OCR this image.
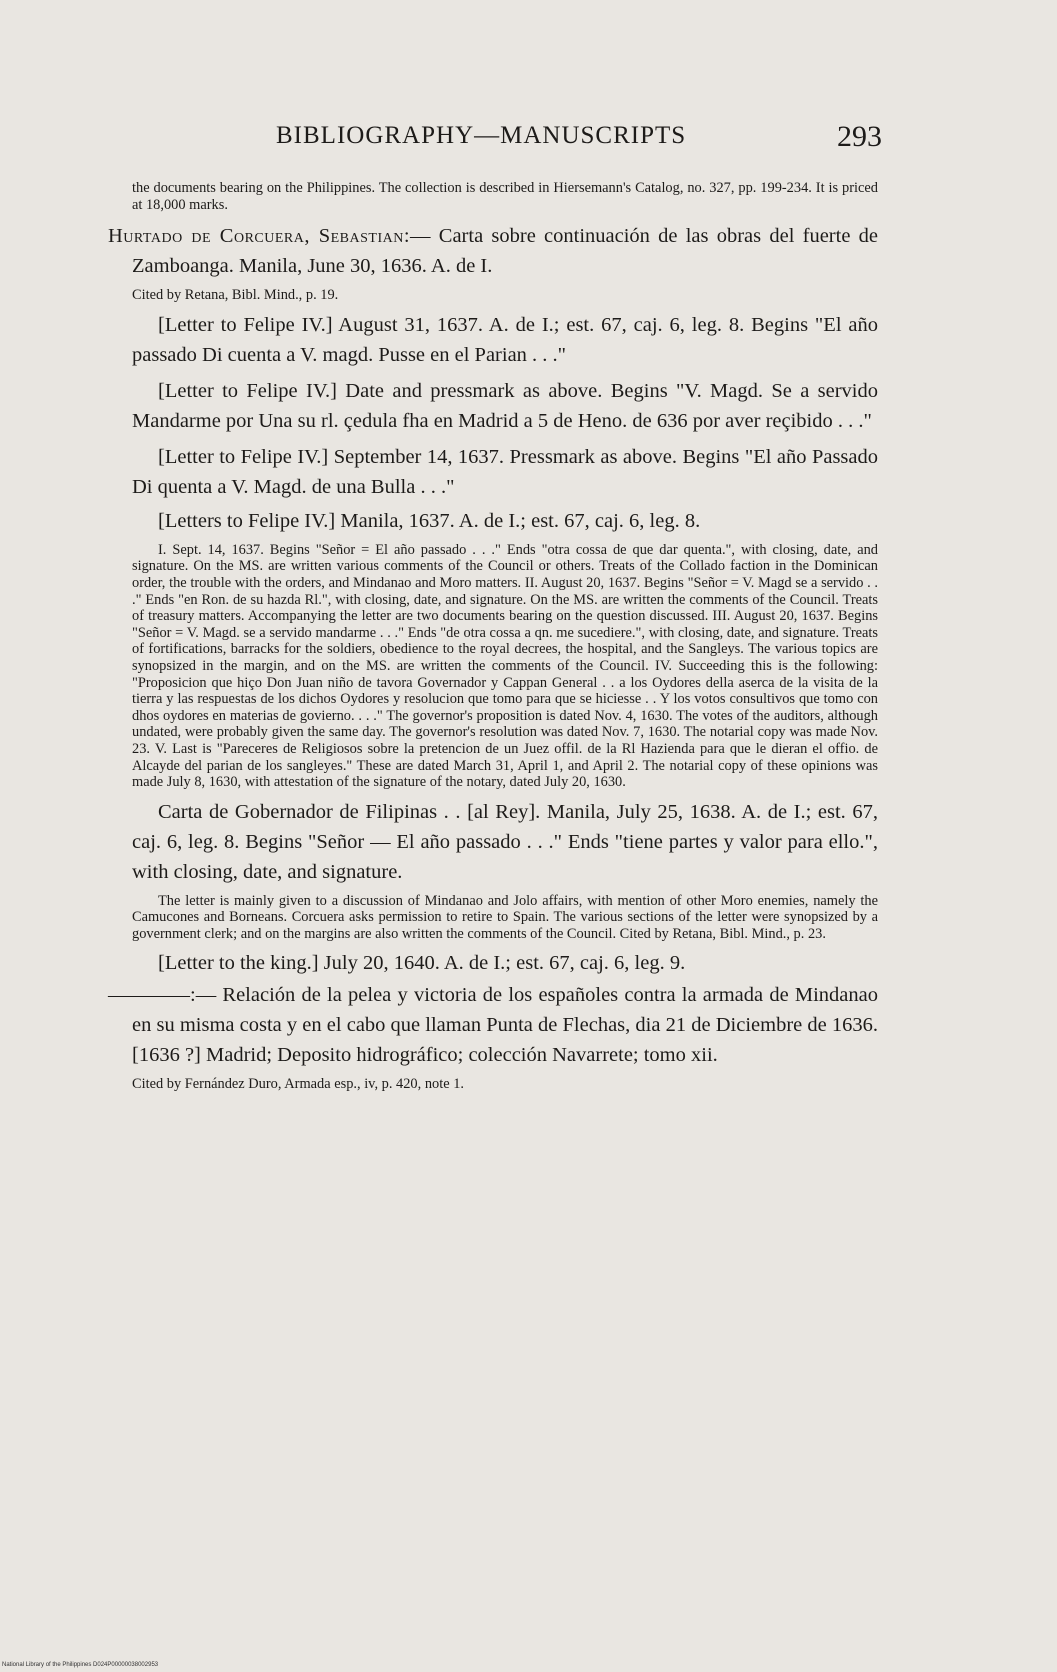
BIBLIOGRAPHY—MANUSCRIPTS	293

the documents bearing on the Philippines. The collection is described in Hiersemann's Catalog, no. 327, pp. 199-234. It is priced at 18,000 marks.

Hurtado de Corcuera, Sebastian:— Carta sobre continuación de las obras del fuerte de Zamboanga. Manila, June 30, 1636. A. de I.

Cited by Retana, Bibl. Mind., p. 19.

[Letter to Felipe IV.] August 31, 1637. A. de I.; est. 67, caj. 6, leg. 8. Begins "El año passado Di cuenta a V. magd. Pusse en el Parian . . ."

[Letter to Felipe IV.] Date and pressmark as above. Begins "V. Magd. Se a servido Mandarme por Una su rl. çedula fha en Madrid a 5 de Heno. de 636 por aver reçibido . . ."

[Letter to Felipe IV.] September 14, 1637. Pressmark as above. Begins "El año Passado Di quenta a V. Magd. de una Bulla . . ."

[Letters to Felipe IV.] Manila, 1637. A. de I.; est. 67, caj. 6, leg. 8.

I. Sept. 14, 1637. Begins "Señor = El año passado . . ." Ends "otra cossa de que dar quenta.", with closing, date, and signature. On the MS. are written various comments of the Council or others. Treats of the Collado faction in the Dominican order, the trouble with the orders, and Mindanao and Moro matters. II. August 20, 1637. Begins "Señor = V. Magd se a servido . . ." Ends "en Ron. de su hazda Rl.", with closing, date, and signature. On the MS. are written the comments of the Council. Treats of treasury matters. Accompanying the letter are two documents bearing on the question discussed. III. August 20, 1637. Begins "Señor = V. Magd. se a servido mandarme . . ." Ends "de otra cossa a qn. me sucediere.", with closing, date, and signature. Treats of fortifications, barracks for the soldiers, obedience to the royal decrees, the hospital, and the Sangleys. The various topics are synopsized in the margin, and on the MS. are written the comments of the Council. IV. Succeeding this is the following: "Proposicion que hiço Don Juan niño de tavora Governador y Cappan General . . a los Oydores della aserca de la visita de la tierra y las respuestas de los dichos Oydores y resolucion que tomo para que se hiciesse . . Y los votos consultivos que tomo con dhos oydores en materias de govierno. . . ." The governor's proposition is dated Nov. 4, 1630. The votes of the auditors, although undated, were probably given the same day. The governor's resolution was dated Nov. 7, 1630. The notarial copy was made Nov. 23. V. Last is "Pareceres de Religiosos sobre la pretencion de un Juez offil. de la Rl Hazienda para que le dieran el offio. de Alcayde del parian de los sangleyes." These are dated March 31, April 1, and April 2. The notarial copy of these opinions was made July 8, 1630, with attestation of the signature of the notary, dated July 20, 1630.

Carta de Gobernador de Filipinas . . [al Rey]. Manila, July 25, 1638. A. de I.; est. 67, caj. 6, leg. 8. Begins "Señor — El año passado . . ." Ends "tiene partes y valor para ello.", with closing, date, and signature.

The letter is mainly given to a discussion of Mindanao and Jolo affairs, with mention of other Moro enemies, namely the Camucones and Borneans. Corcuera asks permission to retire to Spain. The various sections of the letter were synopsized by a government clerk; and on the margins are also written the comments of the Council. Cited by Retana, Bibl. Mind., p. 23.

[Letter to the king.] July 20, 1640. A. de I.; est. 67, caj. 6, leg. 9.

————:— Relación de la pelea y victoria de los españoles contra la armada de Mindanao en su misma costa y en el cabo que llaman Punta de Flechas, dia 21 de Diciembre de 1636. [1636 ?] Madrid; Deposito hidrográfico; colección Navarrete; tomo xii.

Cited by Fernández Duro, Armada esp., iv, p. 420, note 1.

National Library of the Philippines D024P00000038002953
